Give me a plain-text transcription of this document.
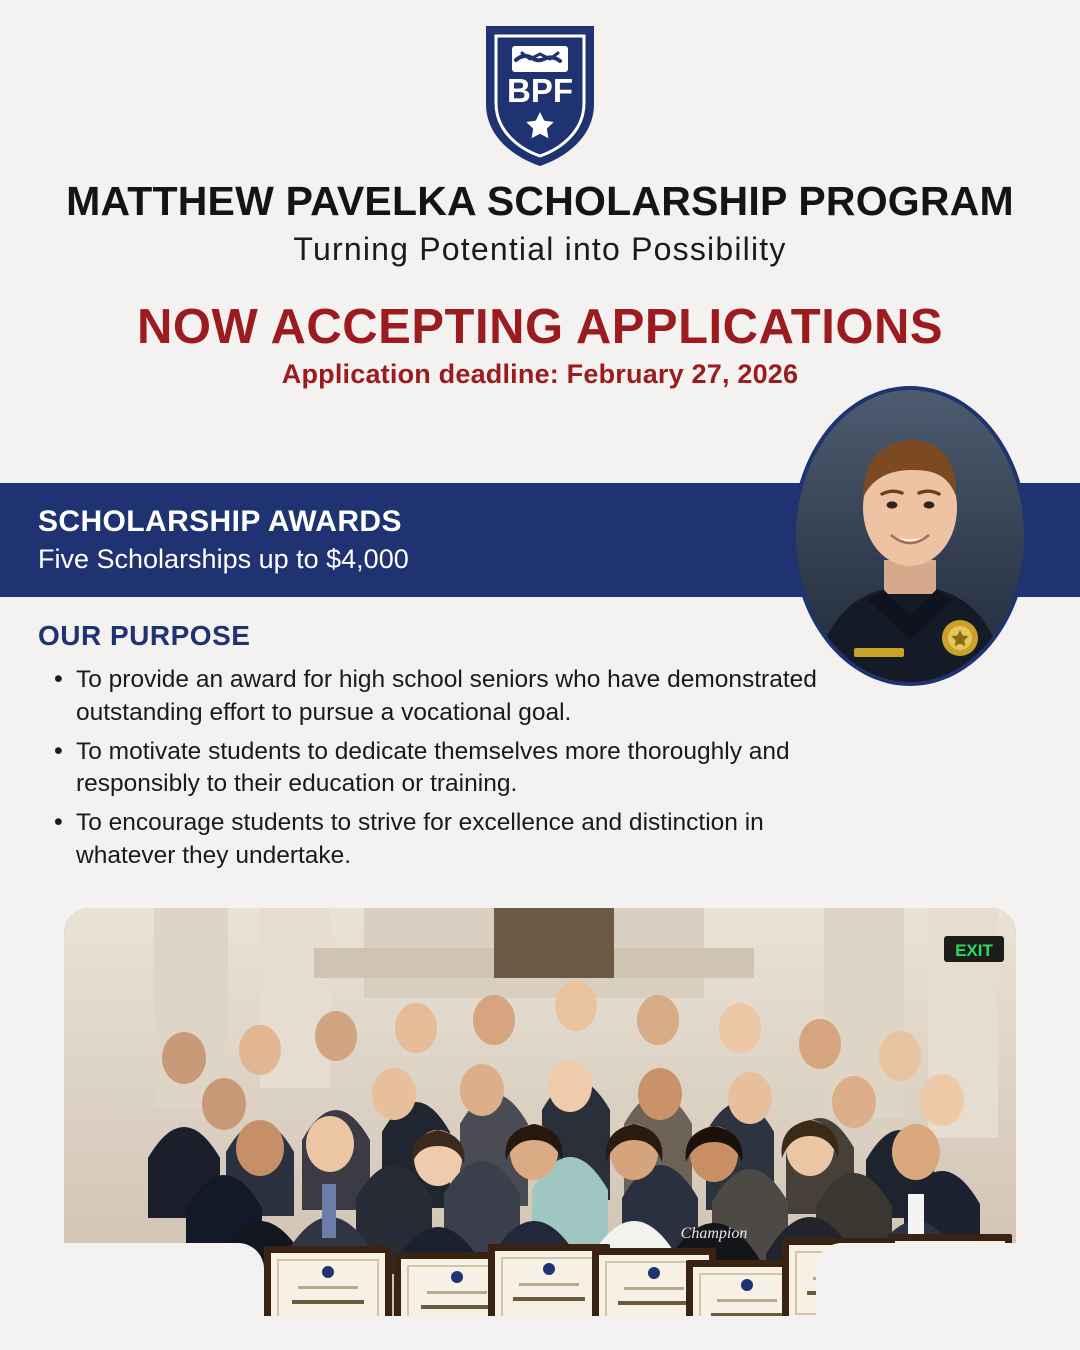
BPF
MATTHEW PAVELKA SCHOLARSHIP PROGRAM

Turning Potential into Possibility

NOW ACCEPTING APPLICATIONS

Application deadline: February 27, 2026

SCHOLARSHIP AWARDS
Five Scholarships up to $4,000
OUR PURPOSE
• To provide an award for high school seniors who have demonstrated outstanding effort to pursue a vocational goal.
• To motivate students to dedicate themselves more thoroughly and responsibly to their education or training.
• To encourage students to strive for excellence and distinction in whatever they undertake.
EXIT
Champion
